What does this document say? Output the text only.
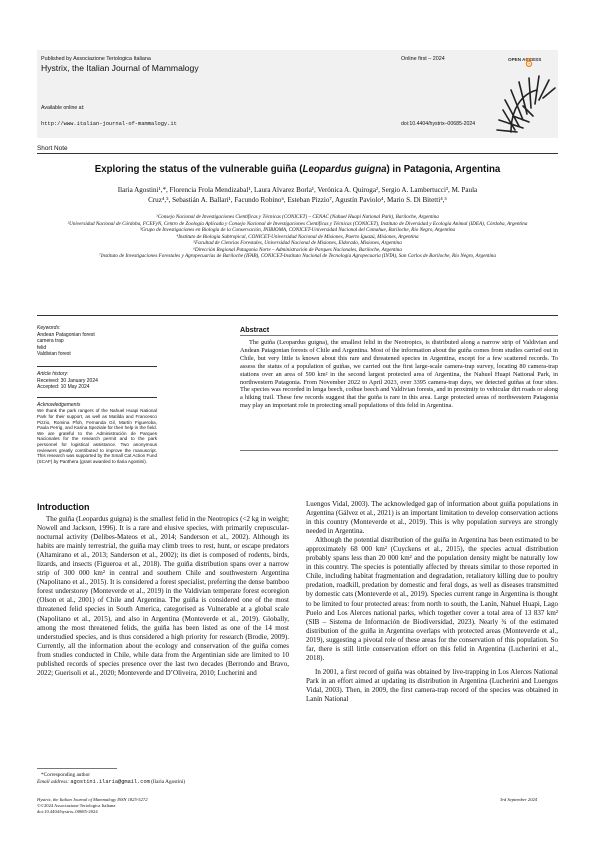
Published by Associazione Teriologica Italiana
Hystrix, the Italian Journal of Mammalogy
Online first – 2024	OPEN ACCESS
Available online at:
http://www.italian-journal-of-mammalogy.it	doi:10.4404/hystrix–00685-2024
Short Note
Exploring the status of the vulnerable guiña (Leopardus guigna) in Patagonia, Argentina
Ilaria Agostini¹,*, Florencia Frola Mendizabal¹, Laura Alvarez Borla¹, Verónica A. Quiroga², Sergio A. Lambertucci³, M. Paula
Cruz⁴,⁵, Sebastián A. Ballari¹, Facundo Robino⁶, Esteban Pizzio⁷, Agustín Paviolo⁴, Mario S. Di Bitetti⁴,⁵

¹Consejo Nacional de Investigaciones Científicas y Técnicas (CONICET) – CENAC (Nahuel Huapi National Park), Bariloche, Argentina

²Universidad Nacional de Córdoba, FCEFyN, Centro de Zoología Aplicada y Consejo Nacional de Investigaciones Científicas y Técnicas (CONICET), Instituto de Diversidad y Ecología Animal (IDEA), Córdoba, Argentina

³Grupo de Investigaciones en Biología de la Conservación, INIBIOMA, CONICET-Universidad Nacional del Comahue, Bariloche, Río Negro, Argentina

⁴Instituto de Biología Subtropical, CONICET-Universidad Nacional de Misiones, Puerto Iguazú, Misiones, Argentina

⁵Facultad de Ciencias Forestales, Universidad Nacional de Misiones, Eldorado, Misiones, Argentina

⁶Dirección Regional Patagonia Norte – Administración de Parques Nacionales, Bariloche, Argentina

⁷Instituto de Investigaciones Forestales y Agropecuarias de Bariloche (IFAB), CONICET-Instituto Nacional de Tecnología Agropecuaria (INTA), San Carlos de Bariloche, Río Negro, Argentina

Keywords:
Andean Patagonian forest
camera trap
felid
Valdivian forest
Article history:
Received: 30 January 2024
Accepted: 10 May 2024
Acknowledgements
We thank the park rangers of the Nahuel Huapi National Park for their support, as well as Matilda and Francesco Pizzio, Romina Pfoh, Fernanda Gil, Martín Figueroba, Paula Perrig, and Karina Speziale for their help in the field. We are grateful to the Administración de Parques Nacionales for the research permit and to the park personnel for logistical assistance. Two anonymous reviewers greatly contributed to improve the manuscript. This research was supported by the Small Cat Action Fund (SCAF) by Panthera (grant awarded to Ilaria Agostini).
Abstract

The guiña (Leopardus guigna), the smallest felid in the Neotropics, is distributed along a narrow strip of Valdivian and Andean Patagonian forests of Chile and Argentina. Most of the information about the guiña comes from studies carried out in Chile, but very little is known about this rare and threatened species in Argentina, except for a few scattered records. To assess the status of a population of guiñas, we carried out the first large-scale camera-trap survey, locating 80 camera-trap stations over an area of 590 km² in the second largest protected area of Argentina, the Nahuel Huapi National Park, in northwestern Patagonia. From November 2022 to April 2023, over 3395 camera-trap days, we detected guiñas at four sites. The species was recorded in lenga beech, coihue beech and Valdivian forests, and in proximity to vehicular dirt roads or along a hiking trail. These few records suggest that the guiña is rare in this area. Large protected areas of northwestern Patagonia may play an important role in protecting small populations of this felid in Argentina.

Introduction

The guiña (Leopardus guigna) is the smallest felid in the Neotropics (<2 kg in weight; Nowell and Jackson, 1996). It is a rare and elusive species, with primarily crepuscular-nocturnal activity (Delibes-Mateos et al., 2014; Sanderson et al., 2002). Although its habits are mainly terrestrial, the guiña may climb trees to rest, hunt, or escape predators (Altamirano et al., 2013; Sanderson et al., 2002); its diet is composed of rodents, birds, lizards, and insects (Figueroa et al., 2018). The guiña distribution spans over a narrow strip of 300 000 km² in central and southern Chile and southwestern Argentina (Napolitano et al., 2015). It is considered a forest specialist, preferring the dense bamboo forest understorey (Monteverde et al., 2019) in the Valdivian temperate forest ecoregion (Olson et al., 2001) of Chile and Argentina. The guiña is considered one of the most threatened felid species in South America, categorised as Vulnerable at a global scale (Napolitano et al., 2015), and also in Argentina (Monteverde et al., 2019). Globally, among the most threatened felids, the guiña has been listed as one of the 14 most understudied species, and is thus considered a high priority for research (Brodie, 2009). Currently, all the information about the ecology and conservation of the guiña comes from studies conducted in Chile, while data from the Argentinian side are limited to 10 published records of species presence over the last two decades (Berrondo and Bravo, 2022; Guerisoli et al., 2020; Monteverde and D’Oliveira, 2010; Lucherini and

*Corresponding author
Email address: agostini.ilaria@gmail.com (Ilaria Agostini)

Luengos Vidal, 2003). The acknowledged gap of information about guiña populations in Argentina (Gálvez et al., 2021) is an important limitation to develop conservation actions in this country (Monteverde et al., 2019). This is why population surveys are strongly needed in Argentina.

Although the potential distribution of the guiña in Argentina has been estimated to be approximately 68 000 km² (Cuyckens et al., 2015), the species actual distribution probably spans less than 20 000 km² and the population density might be naturally low in this country. The species is potentially affected by threats similar to those reported in Chile, including habitat fragmentation and degradation, retaliatory killing due to poultry predation, roadkill, predation by domestic and feral dogs, as well as diseases transmitted by domestic cats (Monteverde et al., 2019). Species current range in Argentina is thought to be limited to four protected areas: from north to south, the Lanín, Nahuel Huapi, Lago Puelo and Los Alerces national parks, which together cover a total area of 13 837 km² (SIB – Sistema de Información de Biodiversidad, 2023). Nearly ¾ of the estimated distribution of the guiña in Argentina overlaps with protected areas (Monteverde et al., 2019), suggesting a pivotal role of these areas for the conservation of this population. So far, there is still little conservation effort on this felid in Argentina (Lucherini et al., 2018).

In 2001, a first record of guiña was obtained by live-trapping in Los Alerces National Park in an effort aimed at updating its distribution in Argentina (Lucherini and Luengos Vidal, 2003). Then, in 2009, the first camera-trap record of the species was obtained in Lanín National

Hystrix, the Italian Journal of Mammalogy ISSN 1825-5272
©©2024 Associazione Teriologica Italiana
doi:10.4404/hystrix–00685-2024
3rd September 2024
